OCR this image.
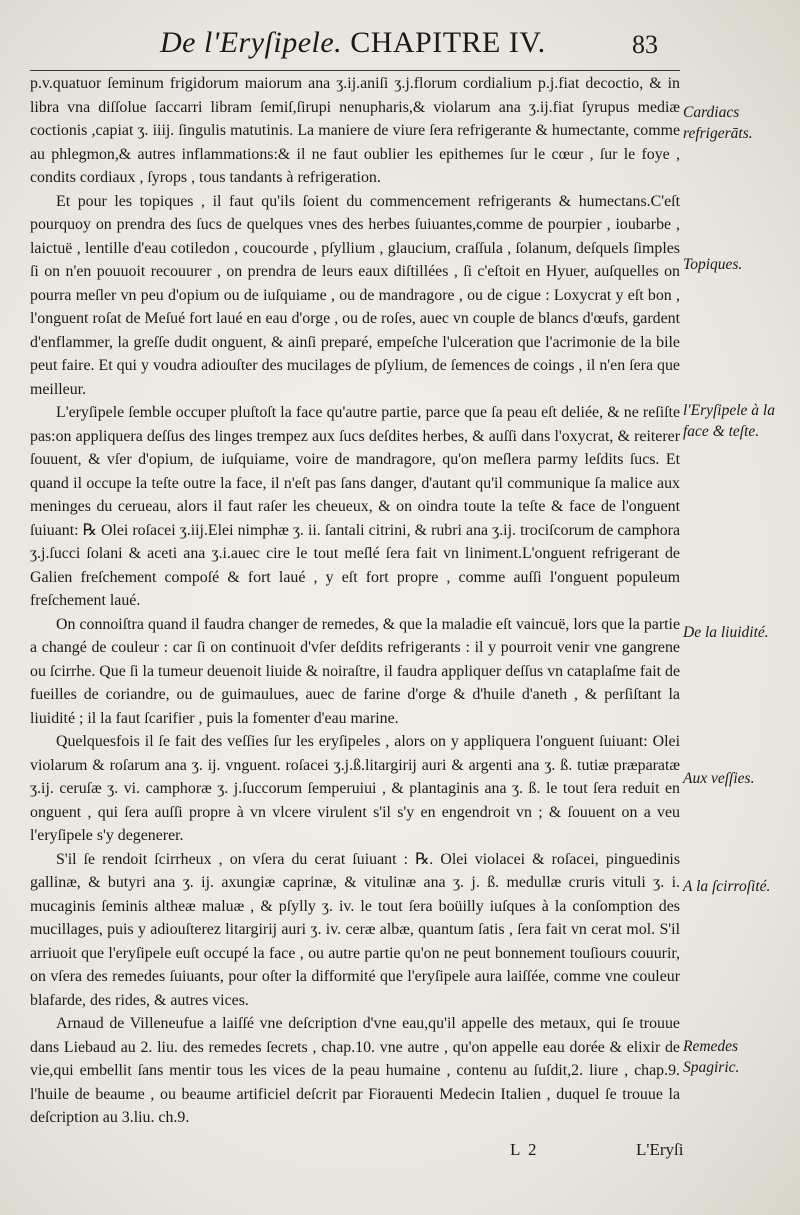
De l'Eryſipele. CHAPITRE IV.	83

p.v.quatuor ſeminum frigidorum maiorum ana ʒ.ij.aniſi ʒ.j.florum cordialium p.j.fiat decoctio, & in libra vna diſſolue ſaccarri libram ſemiſ,ſirupi nenupharis,& violarum ana ʒ.ij.fiat ſyrupus mediæ coctionis ,capiat ʒ. iiij. ſingulis matutinis. La maniere de viure ſera refrigerante & humectante, comme au phlegmon,& autres inflammations:& il ne faut oublier les epithemes ſur le cœur , ſur le foye , condits cordiaux , ſyrops , tous tandants à refrigeration.

Et pour les topiques , il faut qu'ils ſoient du commencement refrigerants & humectans.C'eſt pourquoy on prendra des ſucs de quelques vnes des herbes ſuiuantes,comme de pourpier , ioubarbe , laictuë , lentille d'eau cotiledon , coucourde , pſyllium , glaucium, craſſula , ſolanum, deſquels ſimples ſi on n'en pouuoit recouurer , on prendra de leurs eaux diſtillées , ſi c'eſtoit en Hyuer, auſquelles on pourra meſler vn peu d'opium ou de iuſquiame , ou de mandragore , ou de cigue : Loxycrat y eſt bon , l'onguent roſat de Meſué fort laué en eau d'orge , ou de roſes, auec vn couple de blancs d'œufs, gardent d'enflammer, la greſſe dudit onguent, & ainſi preparé, empeſche l'ulceration que l'acrimonie de la bile peut faire. Et qui y voudra adiouſter des mucilages de pſylium, de ſemences de coings , il n'en ſera que meilleur.

L'eryſipele ſemble occuper pluſtoſt la face qu'autre partie, parce que ſa peau eſt deliée, & ne reſiſte pas:on appliquera deſſus des linges trempez aux ſucs deſdites herbes, & auſſi dans l'oxycrat, & reiterer ſouuent, & vſer d'opium, de iuſquiame, voire de mandragore, qu'on meſlera parmy leſdits ſucs. Et quand il occupe la teſte outre la face, il n'eſt pas ſans danger, d'autant qu'il communique ſa malice aux meninges du cerueau, alors il faut raſer les cheueux, & on oindra toute la teſte & face de l'onguent ſuiuant: ℞ Olei roſacei ʒ.iij.Elei nimphæ ʒ. ii. ſantali citrini, & rubri ana ʒ.ij. trociſcorum de camphora ʒ.j.ſucci ſolani & aceti ana ʒ.i.auec cire le tout meſlé ſera fait vn liniment.L'onguent refrigerant de Galien freſchement compoſé & fort laué , y eſt fort propre , comme auſſi l'onguent populeum freſchement laué.

On connoiſtra quand il faudra changer de remedes, & que la maladie eſt vaincuë, lors que la partie a changé de couleur : car ſi on continuoit d'vſer deſdits refrigerants : il y pourroit venir vne gangrene ou ſcirrhe. Que ſi la tumeur deuenoit liuide & noiraſtre, il faudra appliquer deſſus vn cataplaſme fait de fueilles de coriandre, ou de guimaulues, auec de farine d'orge & d'huile d'aneth , & perſiſtant la liuidité ; il la faut ſcarifier , puis la fomenter d'eau marine.

Quelquesfois il ſe fait des veſſies ſur les eryſipeles , alors on y appliquera l'onguent ſuiuant: Olei violarum & roſarum ana ʒ. ij. vnguent. roſacei ʒ.j.ß.litargirij auri & argenti ana ʒ. ß. tutiæ præparatæ ʒ.ij. ceruſæ ʒ. vi. camphoræ ʒ. j.ſuccorum ſemperuiui , & plantaginis ana ʒ. ß. le tout ſera reduit en onguent , qui ſera auſſi propre à vn vlcere virulent s'il s'y en engendroit vn ; & ſouuent on a veu l'eryſipele s'y degenerer.

S'il ſe rendoit ſcirrheux , on vſera du cerat ſuiuant : ℞. Olei violacei & roſacei, pinguedinis gallinæ, & butyri ana ʒ. ij. axungiæ caprinæ, & vitulinæ ana ʒ. j. ß. medullæ cruris vituli ʒ. i. mucaginis ſeminis altheæ maluæ , & pſylly ʒ. iv. le tout ſera boüilly iuſques à la conſomption des mucillages, puis y adiouſterez litargirij auri ʒ. iv. ceræ albæ, quantum ſatis , ſera fait vn cerat mol. S'il arriuoit que l'eryſipele euſt occupé la face , ou autre partie qu'on ne peut bonnement touſiours couurir, on vſera des remedes ſuiuants, pour oſter la difformité que l'eryſipele aura laiſſée, comme vne couleur blafarde, des rides, & autres vices.

Arnaud de Villeneufue a laiſſé vne deſcription d'vne eau,qu'il appelle des metaux, qui ſe trouue dans Liebaud au 2. liu. des remedes ſecrets , chap.10. vne autre , qu'on appelle eau dorée & elixir de vie,qui embellit ſans mentir tous les vices de la peau humaine , contenu au ſuſdit,2. liure , chap.9. l'huile de beaume , ou beaume artificiel deſcrit par Fiorauenti Medecin Italien , duquel ſe trouue la deſcription au 3.liu. ch.9.

Cardiacs refrigerāts.
Topiques.
l'Eryſipele à la face & teſte.
De la liuidité.
Aux veſſies.
A la ſcirroſité.
Remedes Spagiric.
L 2	L'Eryſi
